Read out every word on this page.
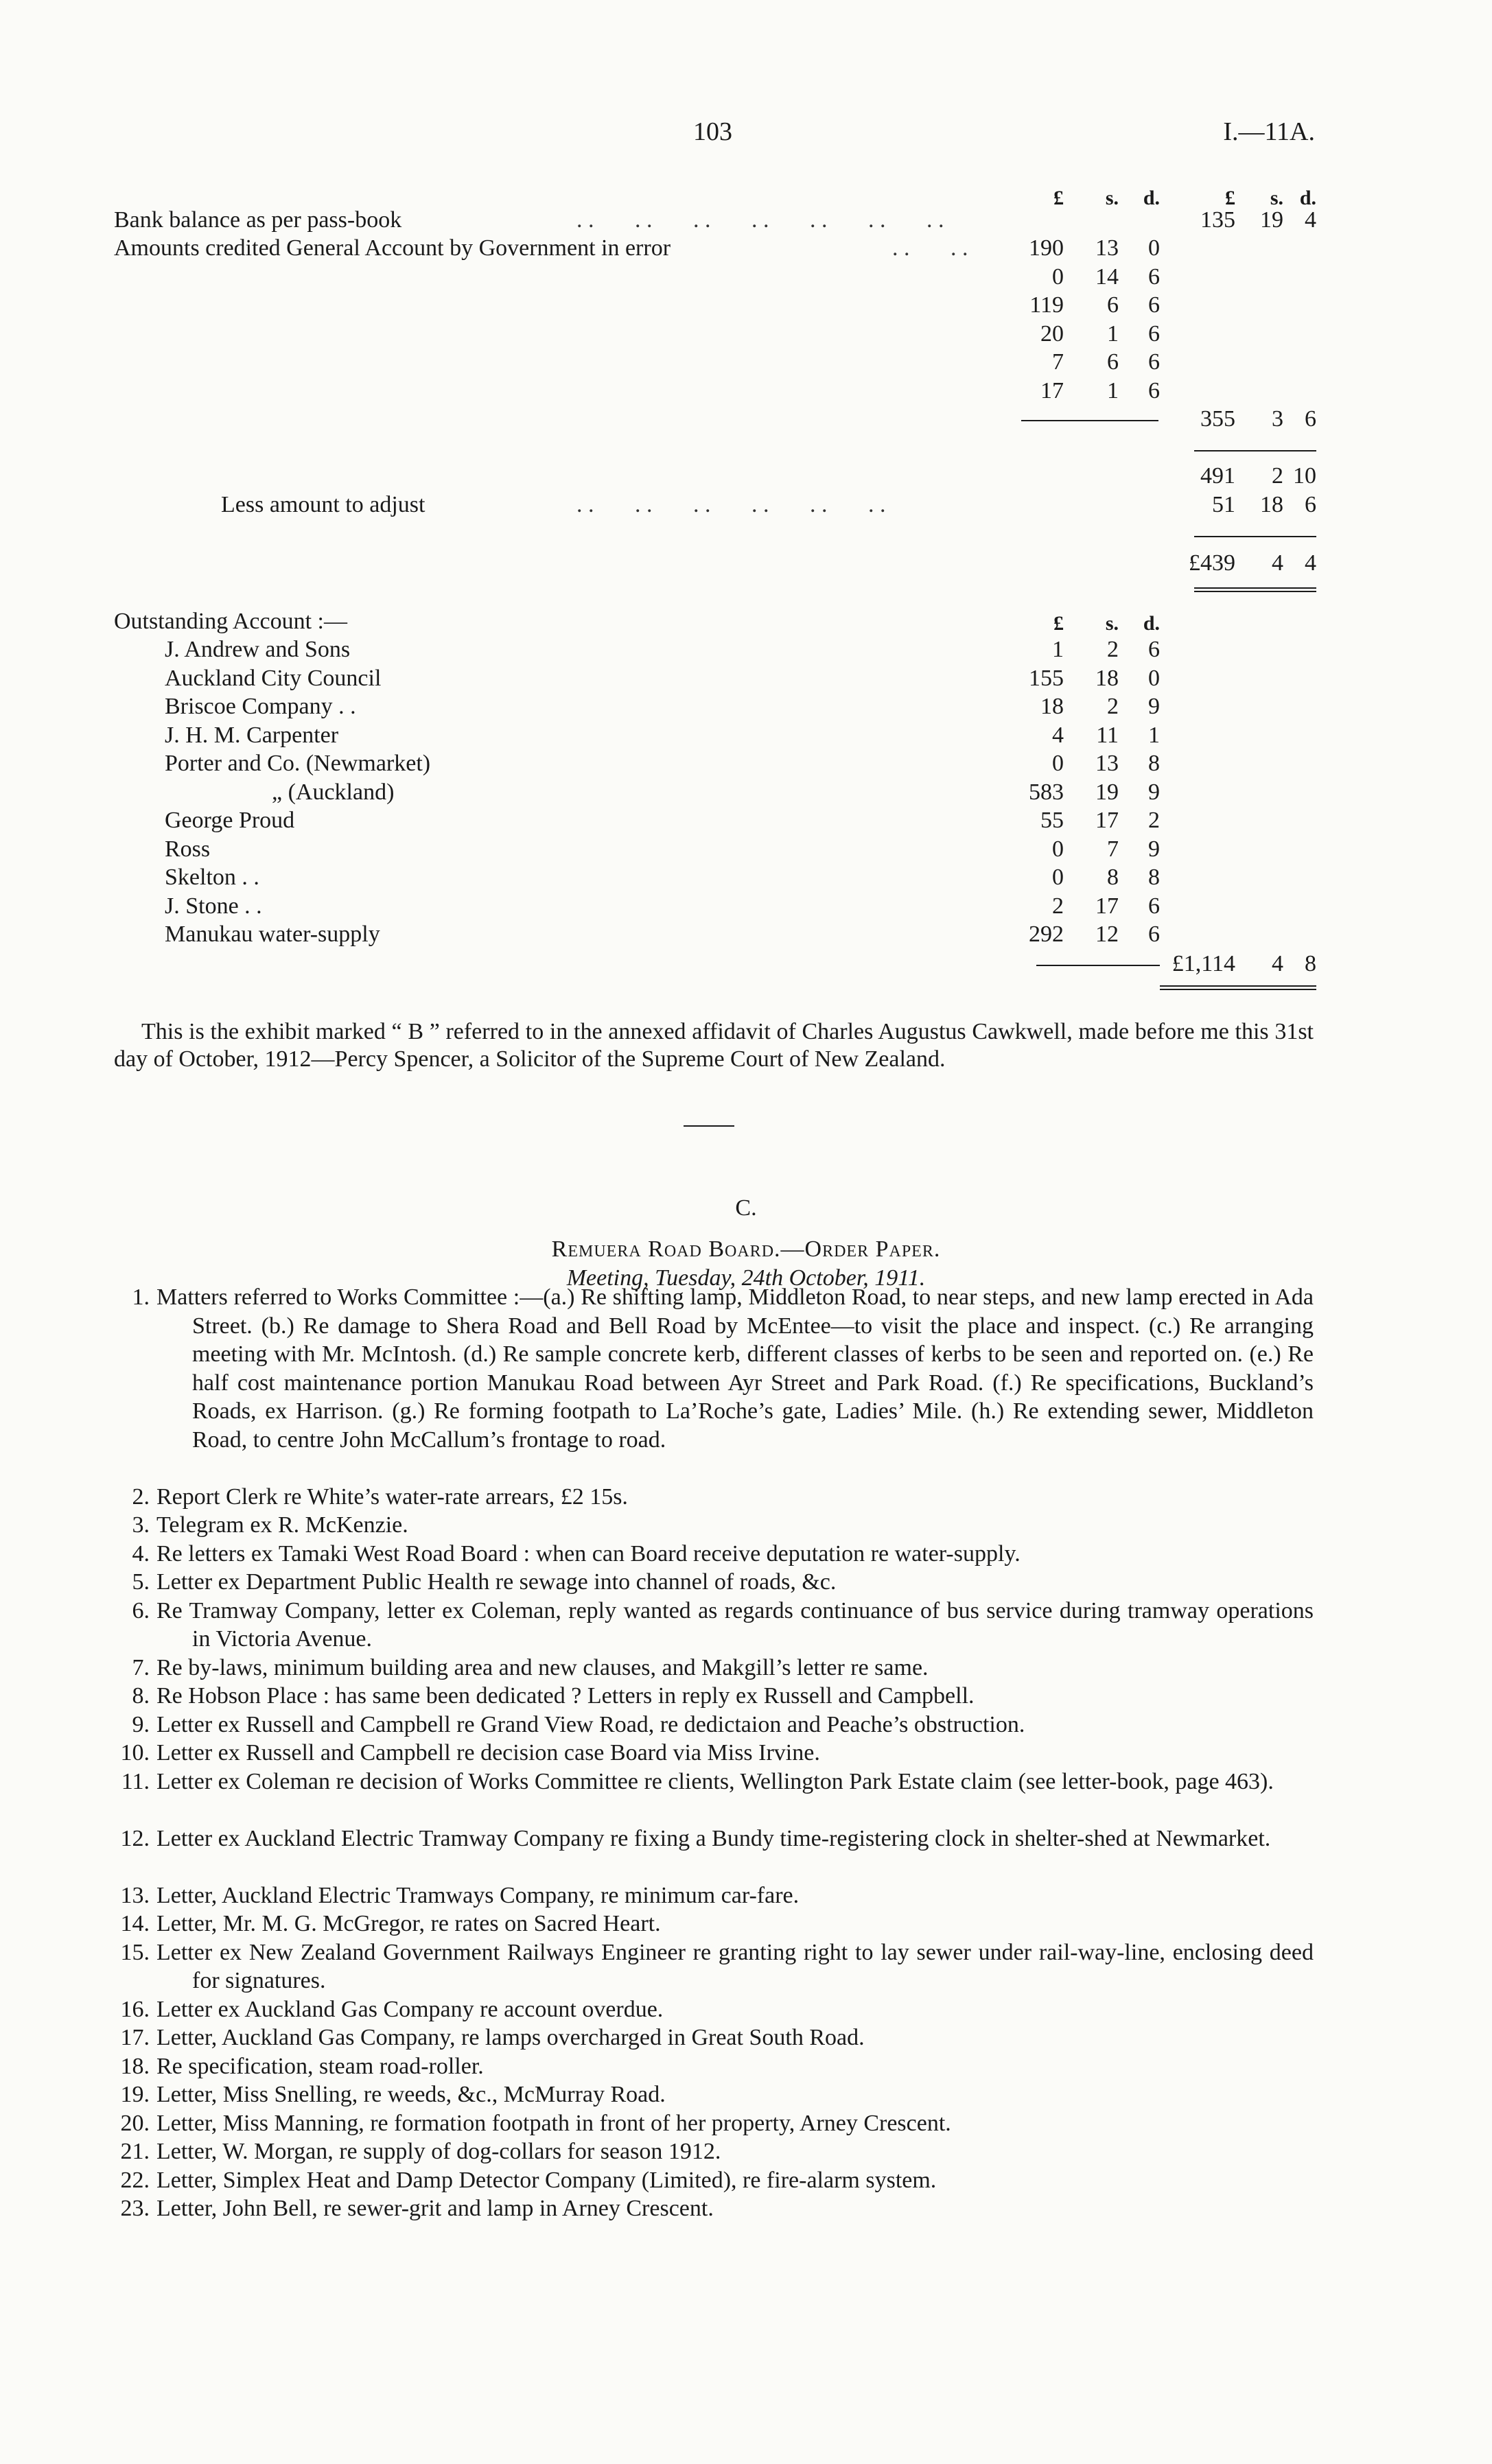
103	I.—11A.
£	s.	d.	£	s. d.
Bank balance as per pass-book	. .       . .       . .       . .       . .       . .       . .	135	19 4
Amounts credited General Account by Government in error	. .       . .	190	13	0
0	14	6
119	6	6
20	1	6
7	6	6
17	1	6
355	3 6
491	2 10
Less amount to adjust	. .       . .       . .       . .       . .       . .	51	18 6
£439	4 4
Outstanding Account :—	£	s.	d.
J. Andrew and Sons	1	2	6
Auckland City Council	155	18	0
Briscoe Company . .	18	2	9
J. H. M. Carpenter	4	11	1
Porter and Co. (Newmarket)	0	13	8
„ (Auckland)	583	19	9
George Proud	55	17	2
Ross	0	7	9
Skelton . .	0	8	8
J. Stone . .	2	17	6
Manukau water-supply	292	12	6
£1,114	4 8
This is the exhibit marked “ B ” referred to in the annexed affidavit of Charles Augustus Cawkwell, made before me this 31st day of October, 1912—Percy Spencer, a Solicitor of the Supreme Court of New Zealand.
C.
Remuera Road Board.—Order Paper.
Meeting, Tuesday, 24th October, 1911.
1. Matters referred to Works Committee :—(a.) Re shifting lamp, Middleton Road, to near steps, and new lamp erected in Ada Street. (b.) Re damage to Shera Road and Bell Road by McEntee—to visit the place and inspect. (c.) Re arranging meeting with Mr. McIntosh. (d.) Re sample concrete kerb, different classes of kerbs to be seen and reported on. (e.) Re half cost maintenance portion Manukau Road between Ayr Street and Park Road. (f.) Re specifications, Buckland’s Roads, ex Harrison. (g.) Re forming footpath to La’Roche’s gate, Ladies’ Mile. (h.) Re extending sewer, Middleton Road, to centre John McCallum’s frontage to road.
2. Report Clerk re White’s water-rate arrears, £2 15s.
3. Telegram ex R. McKenzie.
4. Re letters ex Tamaki West Road Board : when can Board receive deputation re water-supply.
5. Letter ex Department Public Health re sewage into channel of roads, &c.
6. Re Tramway Company, letter ex Coleman, reply wanted as regards continuance of bus service during tramway operations in Victoria Avenue.
7. Re by-laws, minimum building area and new clauses, and Makgill’s letter re same.
8. Re Hobson Place : has same been dedicated ? Letters in reply ex Russell and Campbell.
9. Letter ex Russell and Campbell re Grand View Road, re dedictaion and Peache’s obstruction.
10. Letter ex Russell and Campbell re decision case Board via Miss Irvine.
11. Letter ex Coleman re decision of Works Committee re clients, Wellington Park Estate claim (see letter-book, page 463).
12. Letter ex Auckland Electric Tramway Company re fixing a Bundy time-registering clock in shelter-shed at Newmarket.
13. Letter, Auckland Electric Tramways Company, re minimum car-fare.
14. Letter, Mr. M. G. McGregor, re rates on Sacred Heart.
15. Letter ex New Zealand Government Railways Engineer re granting right to lay sewer under rail-way-line, enclosing deed for signatures.
16. Letter ex Auckland Gas Company re account overdue.
17. Letter, Auckland Gas Company, re lamps overcharged in Great South Road.
18. Re specification, steam road-roller.
19. Letter, Miss Snelling, re weeds, &c., McMurray Road.
20. Letter, Miss Manning, re formation footpath in front of her property, Arney Crescent.
21. Letter, W. Morgan, re supply of dog-collars for season 1912.
22. Letter, Simplex Heat and Damp Detector Company (Limited), re fire-alarm system.
23. Letter, John Bell, re sewer-grit and lamp in Arney Crescent.
